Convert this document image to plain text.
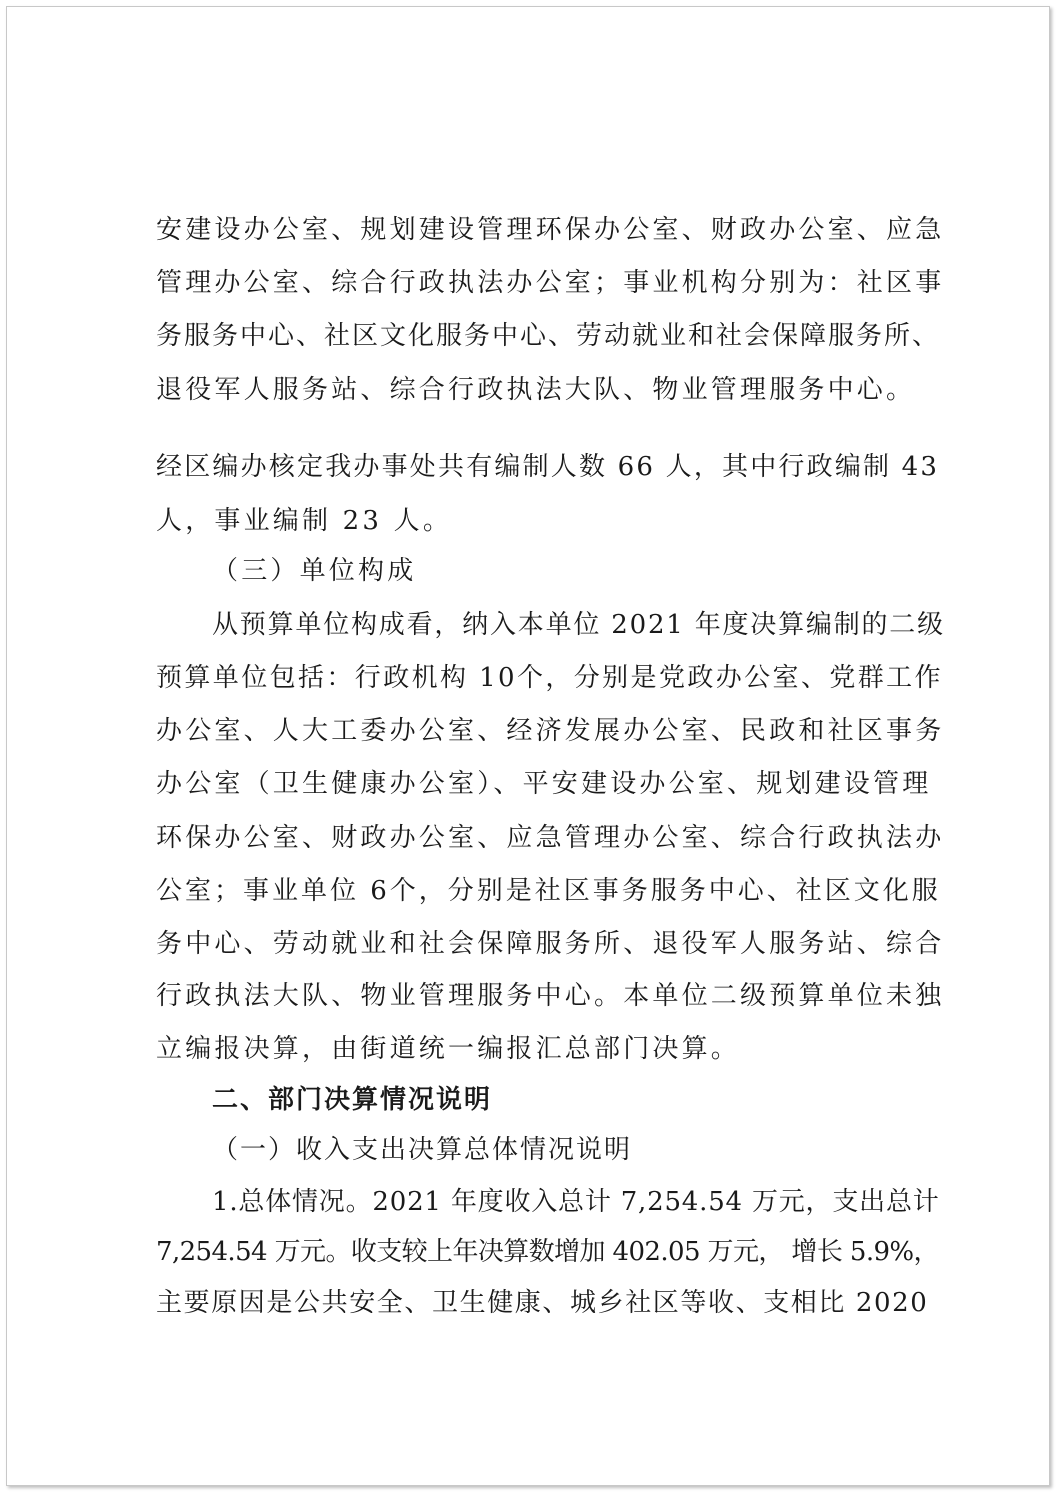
安建设办公室、规划建设管理环保办公室、财政办公室、应急
管理办公室、综合行政执法办公室；事业机构分别为：社区事
务服务中心、社区文化服务中心、劳动就业和社会保障服务所、
退役军人服务站、综合行政执法大队、物业管理服务中心。
经区编办核定我办事处共有编制人数 66 人，其中行政编制 43
人，事业编制 23 人。
（三）单位构成
从预算单位构成看，纳入本单位 2021 年度决算编制的二级
预算单位包括：行政机构 10个，分别是党政办公室、党群工作
办公室、人大工委办公室、经济发展办公室、民政和社区事务
办公室（卫生健康办公室）、平安建设办公室、规划建设管理
环保办公室、财政办公室、应急管理办公室、综合行政执法办
公室；事业单位 6个，分别是社区事务服务中心、社区文化服
务中心、劳动就业和社会保障服务所、退役军人服务站、综合
行政执法大队、物业管理服务中心。本单位二级预算单位未独
立编报决算，由街道统一编报汇总部门决算。
二、部门决算情况说明
（一）收入支出决算总体情况说明
1.总体情况。2021 年度收入总计 7,254.54 万元，支出总计
7,254.54 万元。收支较上年决算数增加 402.05 万元， 增长 5.9%，
主要原因是公共安全、卫生健康、城乡社区等收、支相比 2020
